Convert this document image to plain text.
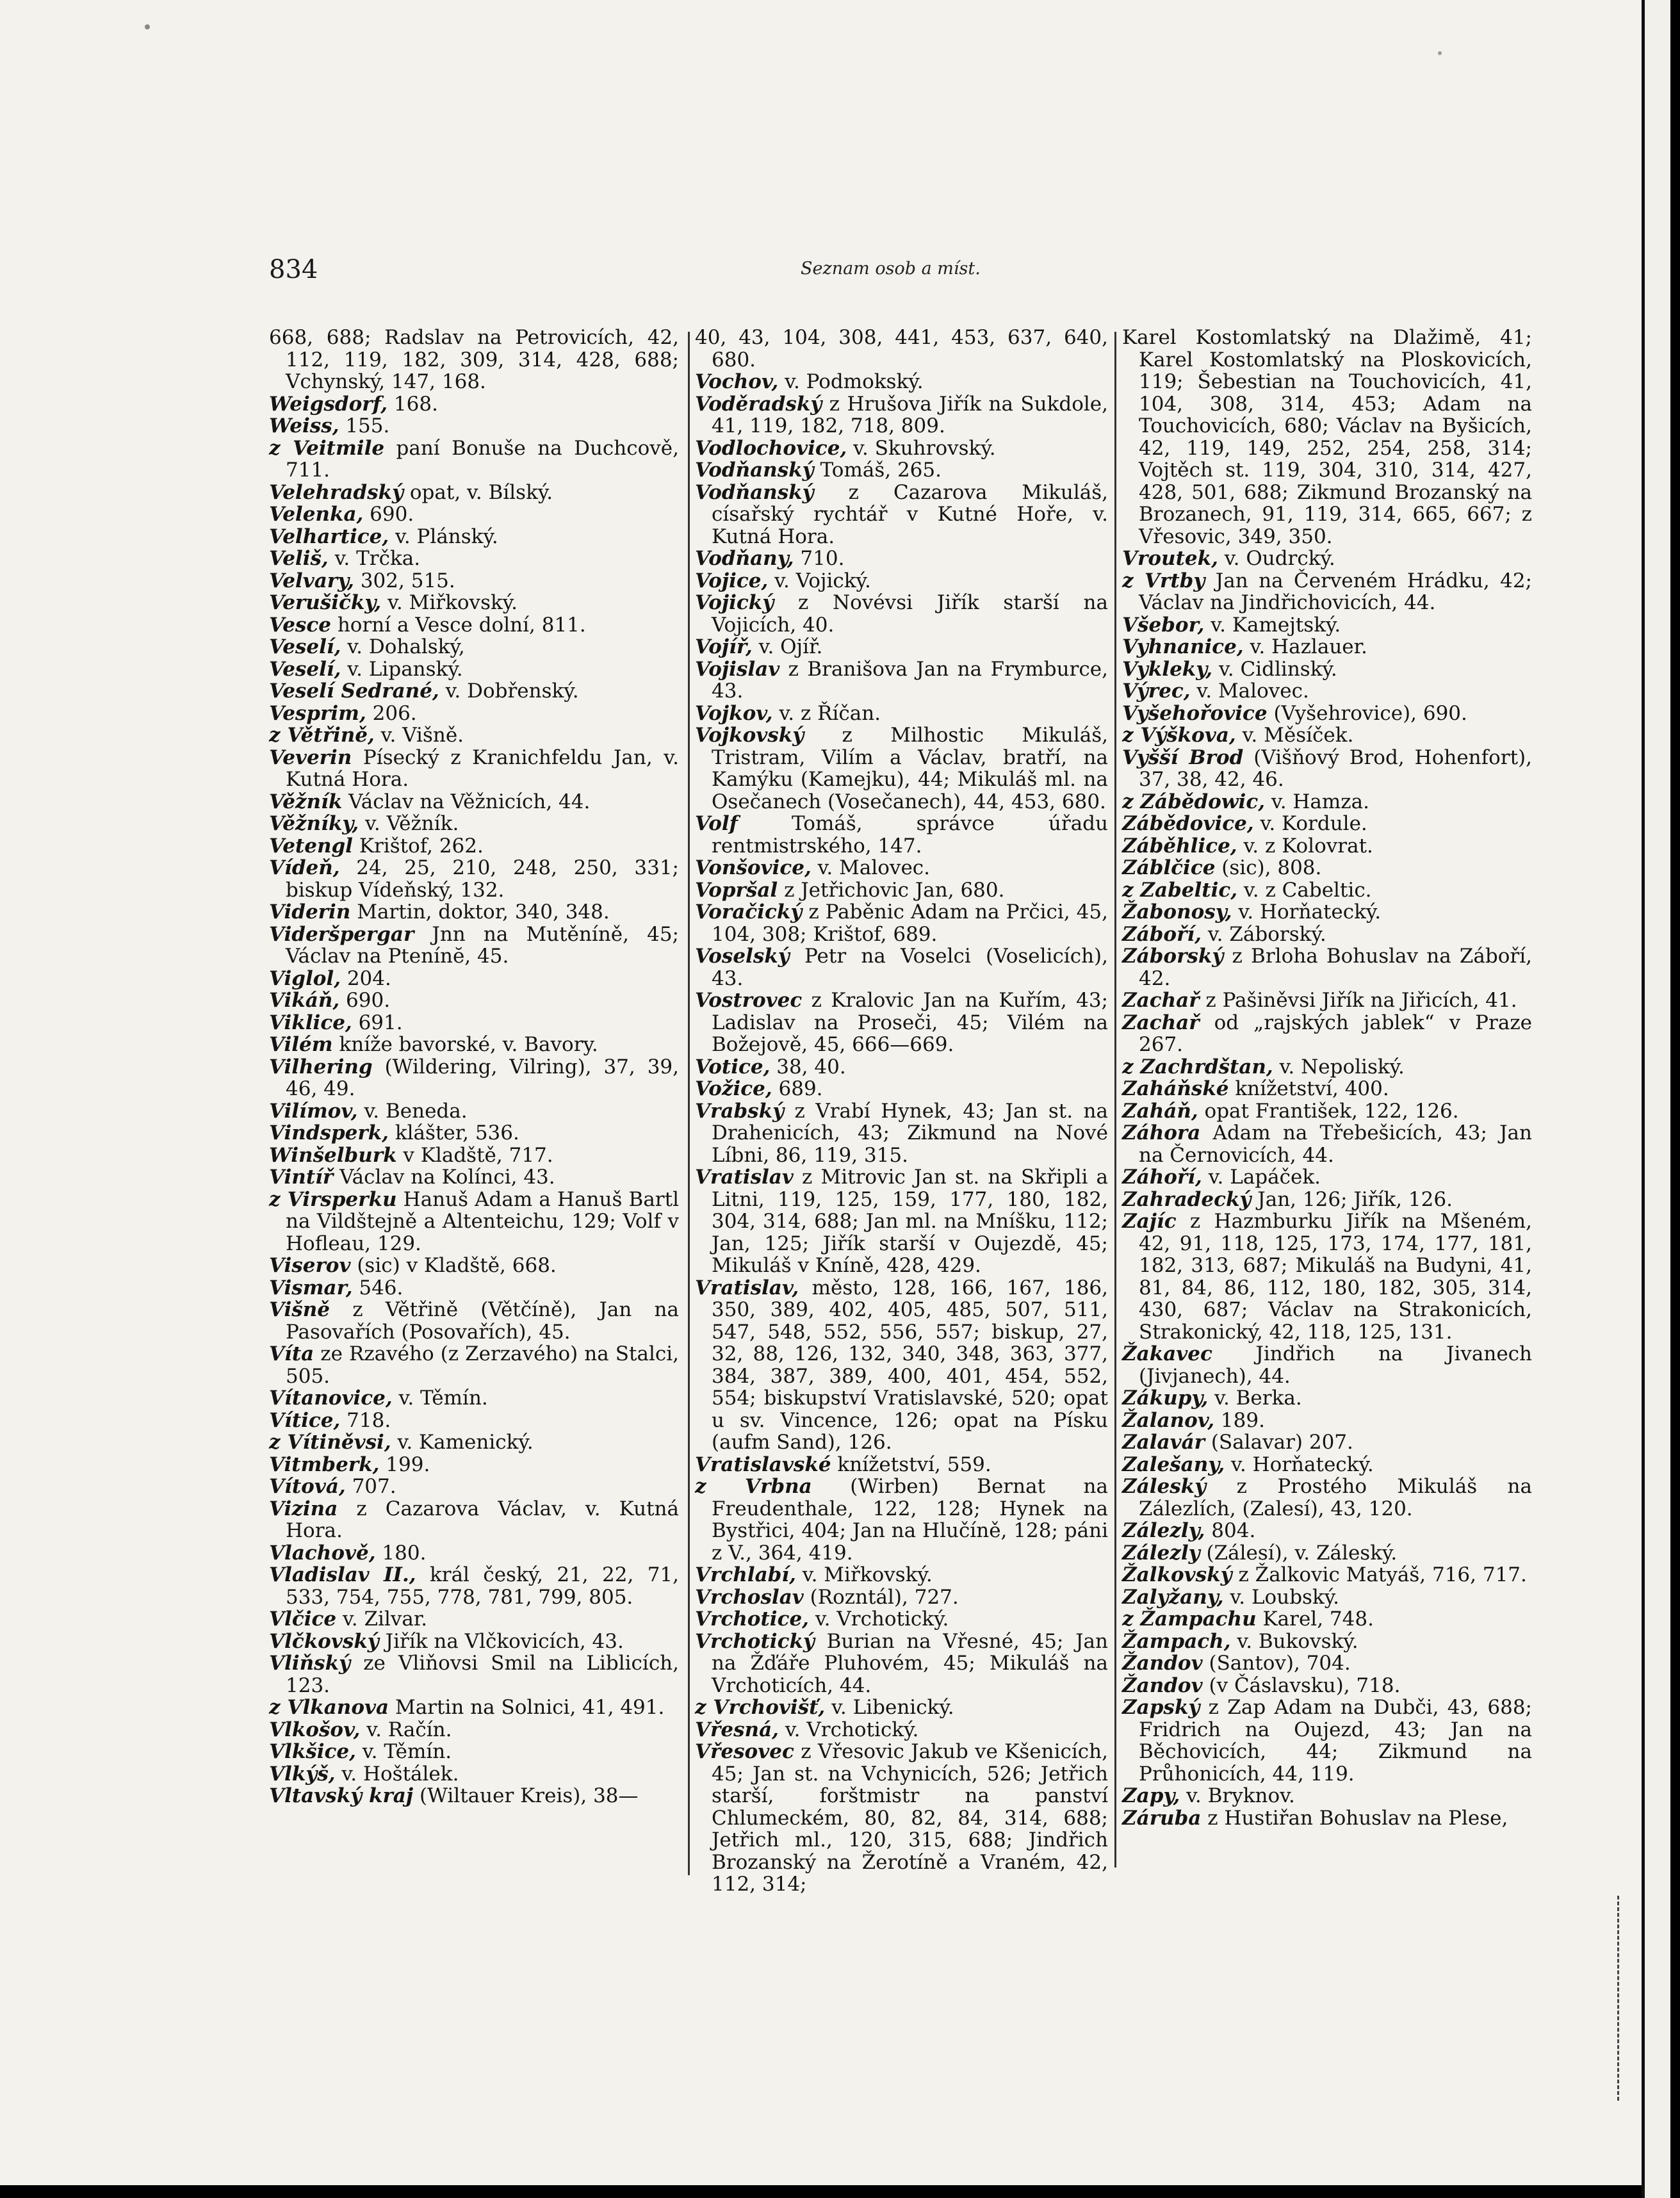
834	Seznam osob a míst.

668, 688; Radslav na Petrovicích, 42, 112, 119, 182, 309, 314, 428, 688; Vchynský, 147, 168.

Weigsdorf, 168.

Weiss, 155.

z Veitmile paní Bonuše na Duchcově, 711.

Velehradský opat, v. Bílský.

Velenka, 690.

Velhartice, v. Plánský.

Veliš, v. Trčka.

Velvary, 302, 515.

Verušičky, v. Miřkovský.

Vesce horní a Vesce dolní, 811.

Veselí, v. Dohalský,

Veselí, v. Lipanský.

Veselí Sedrané, v. Dobřenský.

Vesprim, 206.

z Větřině, v. Višně.

Veverin Písecký z Kranichfeldu Jan, v. Kutná Hora.

Věžník Václav na Věžnicích, 44.

Věžníky, v. Věžník.

Vetengl Krištof, 262.

Vídeň, 24, 25, 210, 248, 250, 331; biskup Vídeňský, 132.

Viderin Martin, doktor, 340, 348.

Videršpergar Jnn na Mutěníně, 45; Václav na Ptenínĕ, 45.

Viglol, 204.

Vikáň, 690.

Viklice, 691.

Vilém kníže bavorské, v. Bavory.

Vilhering (Wildering, Vilring), 37, 39, 46, 49.

Vilímov, v. Beneda.

Vindsperk, klášter, 536.

Winšelburk v Kladště, 717.

Vintíř Václav na Kolínci, 43.

z Virsperku Hanuš Adam a Hanuš Bartl na Vildštejně a Altenteichu, 129; Volf v Hofleau, 129.

Viserov (sic) v Kladště, 668.

Vismar, 546.

Višně z Větřině (Větčíně), Jan na Pasovařích (Posovařích), 45.

Víta ze Rzavého (z Zerzavého) na Stalci, 505.

Vítanovice, v. Těmín.

Vítice, 718.

z Vítiněvsi, v. Kamenický.

Vitmberk, 199.

Vítová, 707.

Vizina z Cazarova Václav, v. Kutná Hora.

Vlachově, 180.

Vladislav II., král český, 21, 22, 71, 533, 754, 755, 778, 781, 799, 805.

Vlčice v. Zilvar.

Vlčkovský Jiřík na Vlčkovicích, 43.

Vliňský ze Vliňovsi Smil na Liblicích, 123.

z Vlkanova Martin na Solnici, 41, 491.

Vlkošov, v. Račín.

Vlkšice, v. Těmín.

Vlkýš, v. Hoštálek.

Vltavský kraj (Wiltauer Kreis), 38—

40, 43, 104, 308, 441, 453, 637, 640, 680.

Vochov, v. Podmokský.

Voděradský z Hrušova Jiřík na Sukdole, 41, 119, 182, 718, 809.

Vodlochovice, v. Skuhrovský.

Vodňanský Tomáš, 265.

Vodňanský z Cazarova Mikuláš, císařský rychtář v Kutné Hoře, v. Kutná Hora.

Vodňany, 710.

Vojice, v. Vojický.

Vojický z Novévsi Jiřík starší na Vojicích, 40.

Vojíř, v. Ojíř.

Vojislav z Branišova Jan na Frymburce, 43.

Vojkov, v. z Říčan.

Vojkovský z Milhostic Mikuláš, Tristram, Vilím a Václav, bratří, na Kamýku (Kamejku), 44; Mikuláš ml. na Osečanech (Vosečanech), 44, 453, 680.

Volf Tomáš, správce úřadu rentmistrského, 147.

Vonšovice, v. Malovec.

Vopršal z Jetřichovic Jan, 680.

Voračický z Paběnic Adam na Prčici, 45, 104, 308; Krištof, 689.

Voselský Petr na Voselci (Voselicích), 43.

Vostrovec z Kralovic Jan na Kuřím, 43; Ladislav na Proseči, 45; Vilém na Božejově, 45, 666—669.

Votice, 38, 40.

Vožice, 689.

Vrabský z Vrabí Hynek, 43; Jan st. na Drahenicích, 43; Zikmund na Nové Líbni, 86, 119, 315.

Vratislav z Mitrovic Jan st. na Skřipli a Litni, 119, 125, 159, 177, 180, 182, 304, 314, 688; Jan ml. na Mníšku, 112; Jan, 125; Jiřík starší v Oujezdě, 45; Mikuláš v Kníně, 428, 429.

Vratislav, město, 128, 166, 167, 186, 350, 389, 402, 405, 485, 507, 511, 547, 548, 552, 556, 557; biskup, 27, 32, 88, 126, 132, 340, 348, 363, 377, 384, 387, 389, 400, 401, 454, 552, 554; biskupství Vratislavské, 520; opat u sv. Vincence, 126; opat na Písku (aufm Sand), 126.

Vratislavské knížetství, 559.

z Vrbna (Wirben) Bernat na Freudenthale, 122, 128; Hynek na Bystřici, 404; Jan na Hlučíně, 128; páni z V., 364, 419.

Vrchlabí, v. Miřkovský.

Vrchoslav (Rozntál), 727.

Vrchotice, v. Vrchotický.

Vrchotický Burian na Vřesné, 45; Jan na Žďáře Pluhovém, 45; Mikuláš na Vrchoticích, 44.

z Vrchovišť, v. Libenický.

Vřesná, v. Vrchotický.

Vřesovec z Vřesovic Jakub ve Kšenicích, 45; Jan st. na Vchynicích, 526; Jetřich starší, forštmistr na panství Chlumeckém, 80, 82, 84, 314, 688; Jetřich ml., 120, 315, 688; Jindřich Brozanský na Žerotíně a Vraném, 42, 112, 314;

Karel Kostomlatský na Dlažimě, 41; Karel Kostomlatský na Ploskovicích, 119; Šebestian na Touchovicích, 41, 104, 308, 314, 453; Adam na Touchovicích, 680; Václav na Byšicích, 42, 119, 149, 252, 254, 258, 314; Vojtěch st. 119, 304, 310, 314, 427, 428, 501, 688; Zikmund Brozanský na Brozanech, 91, 119, 314, 665, 667; z Vřesovic, 349, 350.

Vroutek, v. Oudrcký.

z Vrtby Jan na Červeném Hrádku, 42; Václav na Jindřichovicích, 44.

Všebor, v. Kamejtský.

Vyhnanice, v. Hazlauer.

Vykleky, v. Cidlinský.

Výrec, v. Malovec.

Vyšehořovice (Vyšehrovice), 690.

z Výškova, v. Měsíček.

Vyšší Brod (Višňový Brod, Hohenfort), 37, 38, 42, 46.

z Zábědowic, v. Hamza.

Zábědovice, v. Kordule.

Záběhlice, v. z Kolovrat.

Záblčice (sic), 808.

z Zabeltic, v. z Cabeltic.

Žabonosy, v. Horňatecký.

Záboří, v. Záborský.

Záborský z Brloha Bohuslav na Záboří, 42.

Zachař z Pašiněvsi Jiřík na Jiřicích, 41.

Zachař od „rajských jablek“ v Praze 267.

z Zachrdštan, v. Nepoliský.

Zaháňské knížetství, 400.

Zaháň, opat František, 122, 126.

Záhora Adam na Třebešicích, 43; Jan na Černovicích, 44.

Záhoří, v. Lapáček.

Zahradecký Jan, 126; Jiřík, 126.

Zajíc z Hazmburku Jiřík na Mšeném, 42, 91, 118, 125, 173, 174, 177, 181, 182, 313, 687; Mikuláš na Budyni, 41, 81, 84, 86, 112, 180, 182, 305, 314, 430, 687; Václav na Strakonicích, Strakonický, 42, 118, 125, 131.

Žakavec Jindřich na Jivanech (Jivjanech), 44.

Zákupy, v. Berka.

Žalanov, 189.

Zalavár (Salavar) 207.

Zalešany, v. Horňatecký.

Záleský z Prostého Mikuláš na Zálezlích, (Zalesí), 43, 120.

Zálezly, 804.

Zálezly (Zálesí), v. Záleský.

Žalkovský z Žalkovic Matyáš, 716, 717.

Zalyžany, v. Loubský.

z Žampachu Karel, 748.

Žampach, v. Bukovský.

Žandov (Santov), 704.

Žandov (v Čáslavsku), 718.

Zapský z Zap Adam na Dubči, 43, 688; Fridrich na Oujezd, 43; Jan na Běchovicích, 44; Zikmund na Průhonicích, 44, 119.

Zapy, v. Bryknov.

Záruba z Hustiřan Bohuslav na Plese,
